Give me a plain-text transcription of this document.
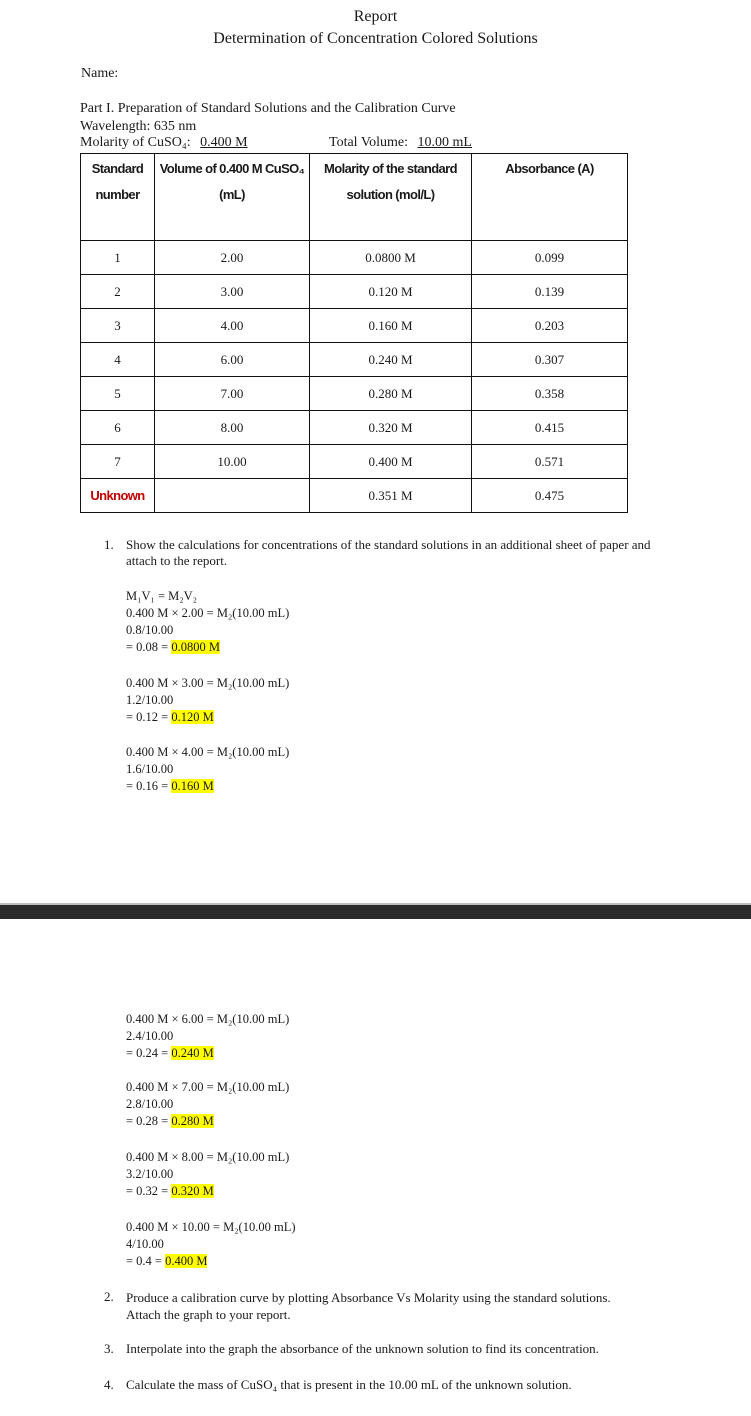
Report
Determination of Concentration Colored Solutions
Name:
Part I. Preparation of Standard Solutions and the Calibration Curve
Wavelength: 635 nm
Molarity of CuSO₄: 0.400 M	Total Volume: 10.00 mL
Standard number	Volume of 0.400 M CuSO₄ (mL)	Molarity of the standard solution (mol/L)	Absorbance (A)
1	2.00	0.0800 M	0.099
2	3.00	0.120 M	0.139
3	4.00	0.160 M	0.203
4	6.00	0.240 M	0.307
5	7.00	0.280 M	0.358
6	8.00	0.320 M	0.415
7	10.00	0.400 M	0.571
Unknown		0.351 M	0.475
1. Show the calculations for concentrations of the standard solutions in an additional sheet of paper and attach to the report.
M₁V₁ = M₂V₂
0.400 M × 2.00 = M₂(10.00 mL)
0.8/10.00
= 0.08 = 0.0800 M
0.400 M × 3.00 = M₂(10.00 mL)
1.2/10.00
= 0.12 = 0.120 M
0.400 M × 4.00 = M₂(10.00 mL)
1.6/10.00
= 0.16 = 0.160 M
0.400 M × 6.00 = M₂(10.00 mL)
2.4/10.00
= 0.24 = 0.240 M
0.400 M × 7.00 = M₂(10.00 mL)
2.8/10.00
= 0.28 = 0.280 M
0.400 M × 8.00 = M₂(10.00 mL)
3.2/10.00
= 0.32 = 0.320 M
0.400 M × 10.00 = M₂(10.00 mL)
4/10.00
= 0.4 = 0.400 M
2. Produce a calibration curve by plotting Absorbance Vs Molarity using the standard solutions. Attach the graph to your report.
3. Interpolate into the graph the absorbance of the unknown solution to find its concentration.
4. Calculate the mass of CuSO₄ that is present in the 10.00 mL of the unknown solution.
